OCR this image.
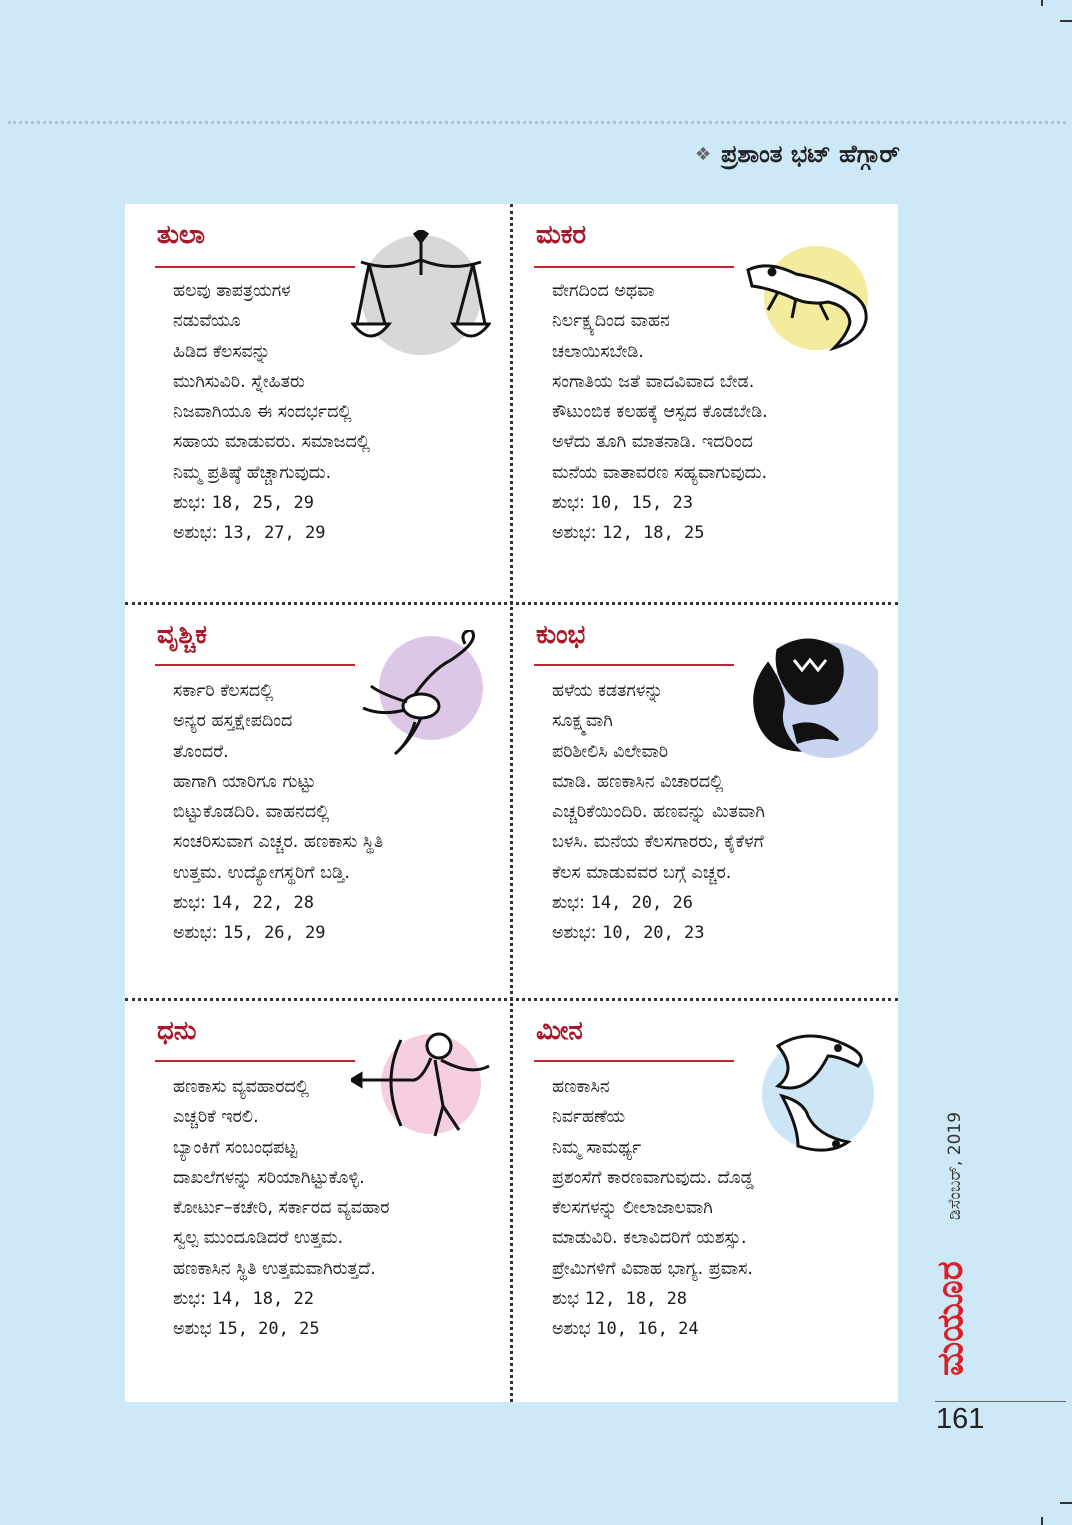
❖ ಪ್ರಶಾಂತ ಭಟ್ ಹೆಗ್ಗಾರ್
ತುಲಾ

ಹಲವು ತಾಪತ್ರಯಗಳ

ನಡುವೆಯೂ

ಹಿಡಿದ ಕೆಲಸವನ್ನು

ಮುಗಿಸುವಿರಿ. ಸ್ನೇಹಿತರು

ನಿಜವಾಗಿಯೂ ಈ ಸಂದರ್ಭದಲ್ಲಿ

ಸಹಾಯ ಮಾಡುವರು. ಸಮಾಜದಲ್ಲಿ

ನಿಮ್ಮ ಪ್ರತಿಷ್ಠೆ ಹೆಚ್ಚಾಗುವುದು.

ಶುಭ: 18, 25, 29

ಅಶುಭ: 13, 27, 29

ಮಕರ

ವೇಗದಿಂದ ಅಥವಾ

ನಿರ್ಲಕ್ಷ್ಯದಿಂದ ವಾಹನ

ಚಲಾಯಿಸಬೇಡಿ.

ಸಂಗಾತಿಯ ಜತೆ ವಾದವಿವಾದ ಬೇಡ.

ಕೌಟುಂಬಿಕ ಕಲಹಕ್ಕೆ ಆಸ್ಪದ ಕೊಡಬೇಡಿ.

ಅಳೆದು ತೂಗಿ ಮಾತನಾಡಿ. ಇದರಿಂದ

ಮನೆಯ ವಾತಾವರಣ ಸಹ್ಯವಾಗುವುದು.

ಶುಭ: 10, 15, 23

ಅಶುಭ: 12, 18, 25

ವೃಶ್ಚಿಕ

ಸರ್ಕಾರಿ ಕೆಲಸದಲ್ಲಿ

ಅನ್ಯರ ಹಸ್ತಕ್ಷೇಪದಿಂದ

ತೊಂದರೆ.

ಹಾಗಾಗಿ ಯಾರಿಗೂ ಗುಟ್ಟು

ಬಿಟ್ಟುಕೊಡದಿರಿ. ವಾಹನದಲ್ಲಿ

ಸಂಚರಿಸುವಾಗ ಎಚ್ಚರ. ಹಣಕಾಸು ಸ್ಥಿತಿ

ಉತ್ತಮ. ಉದ್ಯೋಗಸ್ಥರಿಗೆ ಬಡ್ತಿ.

ಶುಭ: 14, 22, 28

ಅಶುಭ: 15, 26, 29

ಕುಂಭ

ಹಳೆಯ ಕಡತಗಳನ್ನು

ಸೂಕ್ಷ್ಮವಾಗಿ

ಪರಿಶೀಲಿಸಿ ವಿಲೇವಾರಿ

ಮಾಡಿ. ಹಣಕಾಸಿನ ವಿಚಾರದಲ್ಲಿ

ಎಚ್ಚರಿಕೆಯಿಂದಿರಿ. ಹಣವನ್ನು ಮಿತವಾಗಿ

ಬಳಸಿ. ಮನೆಯ ಕೆಲಸಗಾರರು, ಕೈಕೆಳಗೆ

ಕೆಲಸ ಮಾಡುವವರ ಬಗ್ಗೆ ಎಚ್ಚರ.

ಶುಭ: 14, 20, 26

ಅಶುಭ: 10, 20, 23

ಧನು

ಹಣಕಾಸು ವ್ಯವಹಾರದಲ್ಲಿ

ಎಚ್ಚರಿಕೆ ಇರಲಿ.

ಬ್ಯಾಂಕಿಗೆ ಸಂಬಂಧಪಟ್ಟ

ದಾಖಲೆಗಳನ್ನು ಸರಿಯಾಗಿಟ್ಟುಕೊಳ್ಳಿ.

ಕೋರ್ಟು–ಕಚೇರಿ, ಸರ್ಕಾರದ ವ್ಯವಹಾರ

ಸ್ವಲ್ಪ ಮುಂದೂಡಿದರೆ ಉತ್ತಮ.

ಹಣಕಾಸಿನ ಸ್ಥಿತಿ ಉತ್ತಮವಾಗಿರುತ್ತದೆ.

ಶುಭ: 14, 18, 22

ಅಶುಭ 15, 20, 25

ಮೀನ

ಹಣಕಾಸಿನ

ನಿರ್ವಹಣೆಯ

ನಿಮ್ಮ ಸಾಮರ್ಥ್ಯ

ಪ್ರಶಂಸೆಗೆ ಕಾರಣವಾಗುವುದು. ದೊಡ್ಡ

ಕೆಲಸಗಳನ್ನು ಲೀಲಾಜಾಲವಾಗಿ

ಮಾಡುವಿರಿ. ಕಲಾವಿದರಿಗೆ ಯಶಸ್ಸು.

ಪ್ರೇಮಿಗಳಿಗೆ ವಿವಾಹ ಭಾಗ್ಯ. ಪ್ರವಾಸ.

ಶುಭ 12, 18, 28

ಅಶುಭ 10, 16, 24

ಡಿಸೆಂಬರ್, 2019
ಮಯೂರ
161
